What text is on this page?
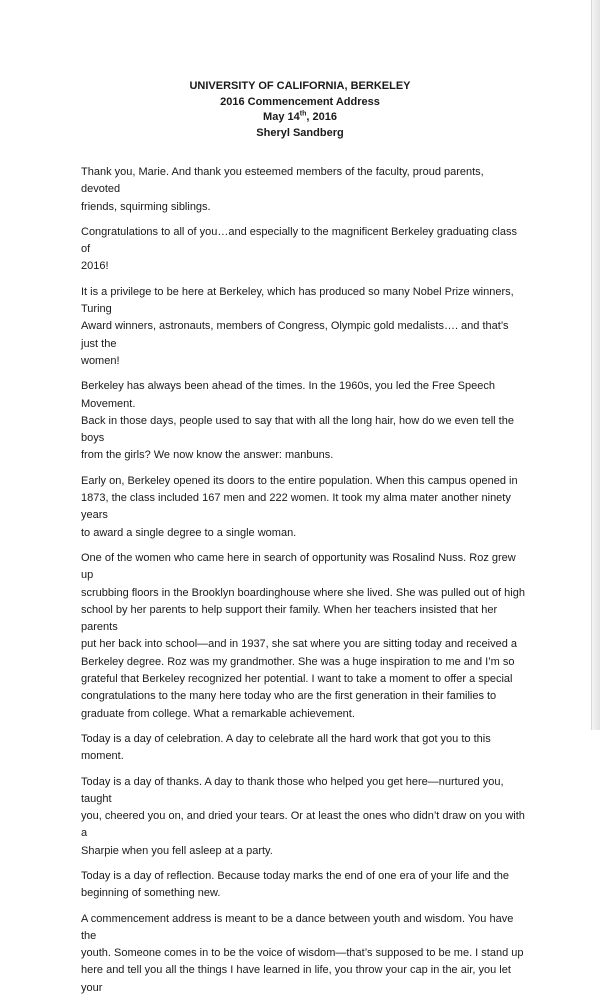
UNIVERSITY OF CALIFORNIA, BERKELEY
2016 Commencement Address
May 14th, 2016
Sheryl Sandberg

Thank you, Marie. And thank you esteemed members of the faculty, proud parents, devoted
friends, squirming siblings.

Congratulations to all of you…and especially to the magnificent Berkeley graduating class of
2016!

It is a privilege to be here at Berkeley, which has produced so many Nobel Prize winners, Turing
Award winners, astronauts, members of Congress, Olympic gold medalists…. and that’s just the
women!

Berkeley has always been ahead of the times. In the 1960s, you led the Free Speech Movement.
Back in those days, people used to say that with all the long hair, how do we even tell the boys
from the girls? We now know the answer: manbuns.

Early on, Berkeley opened its doors to the entire population. When this campus opened in
1873, the class included 167 men and 222 women. It took my alma mater another ninety years
to award a single degree to a single woman.

One of the women who came here in search of opportunity was Rosalind Nuss. Roz grew up
scrubbing floors in the Brooklyn boardinghouse where she lived. She was pulled out of high
school by her parents to help support their family. When her teachers insisted that her parents
put her back into school—and in 1937, she sat where you are sitting today and received a
Berkeley degree. Roz was my grandmother. She was a huge inspiration to me and I’m so
grateful that Berkeley recognized her potential. I want to take a moment to offer a special
congratulations to the many here today who are the first generation in their families to
graduate from college. What a remarkable achievement.

Today is a day of celebration. A day to celebrate all the hard work that got you to this moment.

Today is a day of thanks. A day to thank those who helped you get here—nurtured you, taught
you, cheered you on, and dried your tears. Or at least the ones who didn’t draw on you with a
Sharpie when you fell asleep at a party.

Today is a day of reflection. Because today marks the end of one era of your life and the
beginning of something new.

A commencement address is meant to be a dance between youth and wisdom. You have the
youth. Someone comes in to be the voice of wisdom—that’s supposed to be me. I stand up
here and tell you all the things I have learned in life, you throw your cap in the air, you let your
